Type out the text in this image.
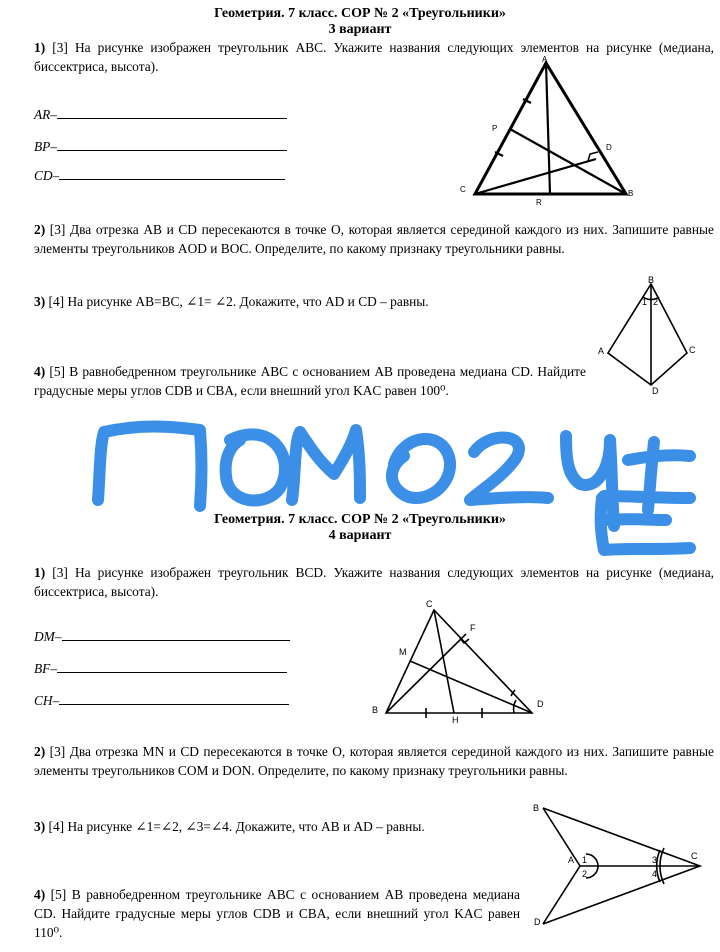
Геометрия. 7 класс. СОР № 2 «Треугольники»
3 вариант
1) [3] На рисунке изображен треугольник ABC. Укажите названия следующих элементов на рисунке (медиана, биссектриса, высота).
AR–
BP–
CD–
A
P
D
C
R
B
2) [3] Два отрезка AB и CD пересекаются в точке O, которая является серединой каждого из них. Запишите равные элементы треугольников AOD и BOC. Определите, по какому признаку треугольники равны.
3) [4] На рисунке AB=BC, ∠1= ∠2. Докажите, что AD и CD – равны.
B
A	C
D
1 2
4) [5] В равнобедренном треугольнике ABC с основанием AB проведена медиана CD. Найдите градусные меры углов CDB и CBA, если внешний угол KAC равен 100⁰.
Геометрия. 7 класс. СОР № 2 «Треугольники»
4 вариант
1) [3] На рисунке изображен треугольник BCD. Укажите названия следующих элементов на рисунке (медиана, биссектриса, высота).
DM–
BF–
CH–
C
F
M
B
H
D
2) [3] Два отрезка MN и CD пересекаются в точке O, которая является серединой каждого из них. Запишите равные элементы треугольников COM и DON. Определите, по какому признаку треугольники равны.
3) [4] На рисунке ∠1=∠2, ∠3=∠4. Докажите, что AB и AD – равны.
B
A	C
D
1
2
3
4
4) [5] В равнобедренном треугольнике ABC с основанием AB проведена медиана CD. Найдите градусные меры углов CDB и CBA, если внешний угол KAC равен 110⁰.
